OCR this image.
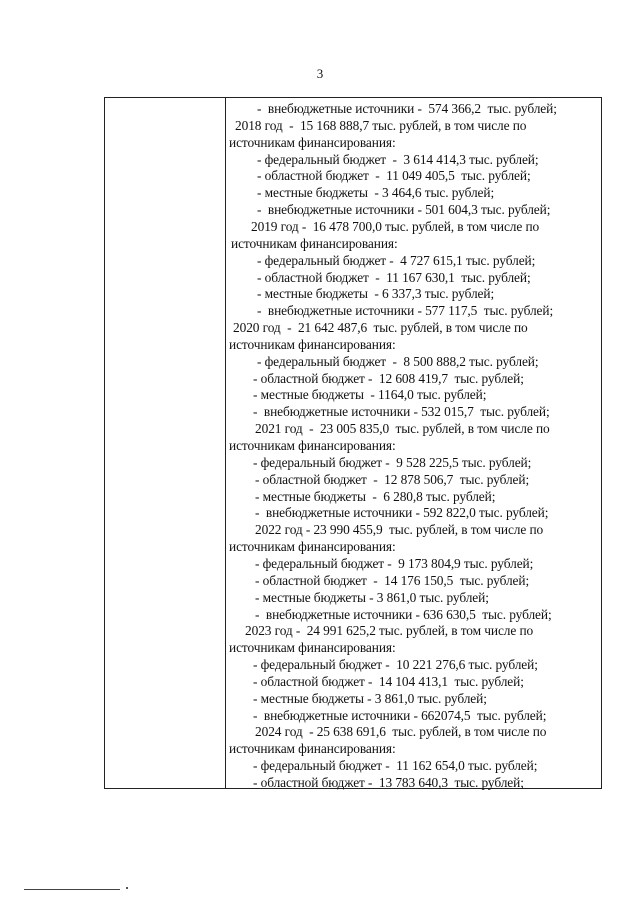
3
-  внебюджетные источники -  574 366,2  тыс. рублей;
2018 год  -  15 168 888,7 тыс. рублей, в том числе по
источникам финансирования:
- федеральный бюджет  -  3 614 414,3 тыс. рублей;
- областной бюджет  -  11 049 405,5  тыс. рублей;
- местные бюджеты  - 3 464,6 тыс. рублей;
-  внебюджетные источники - 501 604,3 тыс. рублей;
2019 год -  16 478 700,0 тыс. рублей, в том числе по
источникам финансирования:
- федеральный бюджет -  4 727 615,1 тыс. рублей;
- областной бюджет  -  11 167 630,1  тыс. рублей;
- местные бюджеты  - 6 337,3 тыс. рублей;
-  внебюджетные источники - 577 117,5  тыс. рублей;
2020 год  -  21 642 487,6  тыс. рублей, в том числе по
источникам финансирования:
- федеральный бюджет  -  8 500 888,2 тыс. рублей;
- областной бюджет -  12 608 419,7  тыс. рублей;
- местные бюджеты  - 1164,0 тыс. рублей;
-  внебюджетные источники - 532 015,7  тыс. рублей;
2021 год  -  23 005 835,0  тыс. рублей, в том числе по
источникам финансирования:
- федеральный бюджет -  9 528 225,5 тыс. рублей;
- областной бюджет  -  12 878 506,7  тыс. рублей;
- местные бюджеты  -  6 280,8 тыс. рублей;
-  внебюджетные источники - 592 822,0 тыс. рублей;
2022 год - 23 990 455,9  тыс. рублей, в том числе по
источникам финансирования:
- федеральный бюджет -  9 173 804,9 тыс. рублей;
- областной бюджет  -  14 176 150,5  тыс. рублей;
- местные бюджеты - 3 861,0 тыс. рублей;
-  внебюджетные источники - 636 630,5  тыс. рублей;
2023 год -  24 991 625,2 тыс. рублей, в том числе по
источникам финансирования:
- федеральный бюджет -  10 221 276,6 тыс. рублей;
- областной бюджет -  14 104 413,1  тыс. рублей;
- местные бюджеты - 3 861,0 тыс. рублей;
-  внебюджетные источники - 662074,5  тыс. рублей;
2024 год  - 25 638 691,6  тыс. рублей, в том числе по
источникам финансирования:
- федеральный бюджет -  11 162 654,0 тыс. рублей;
- областной бюджет -  13 783 640,3  тыс. рублей;
